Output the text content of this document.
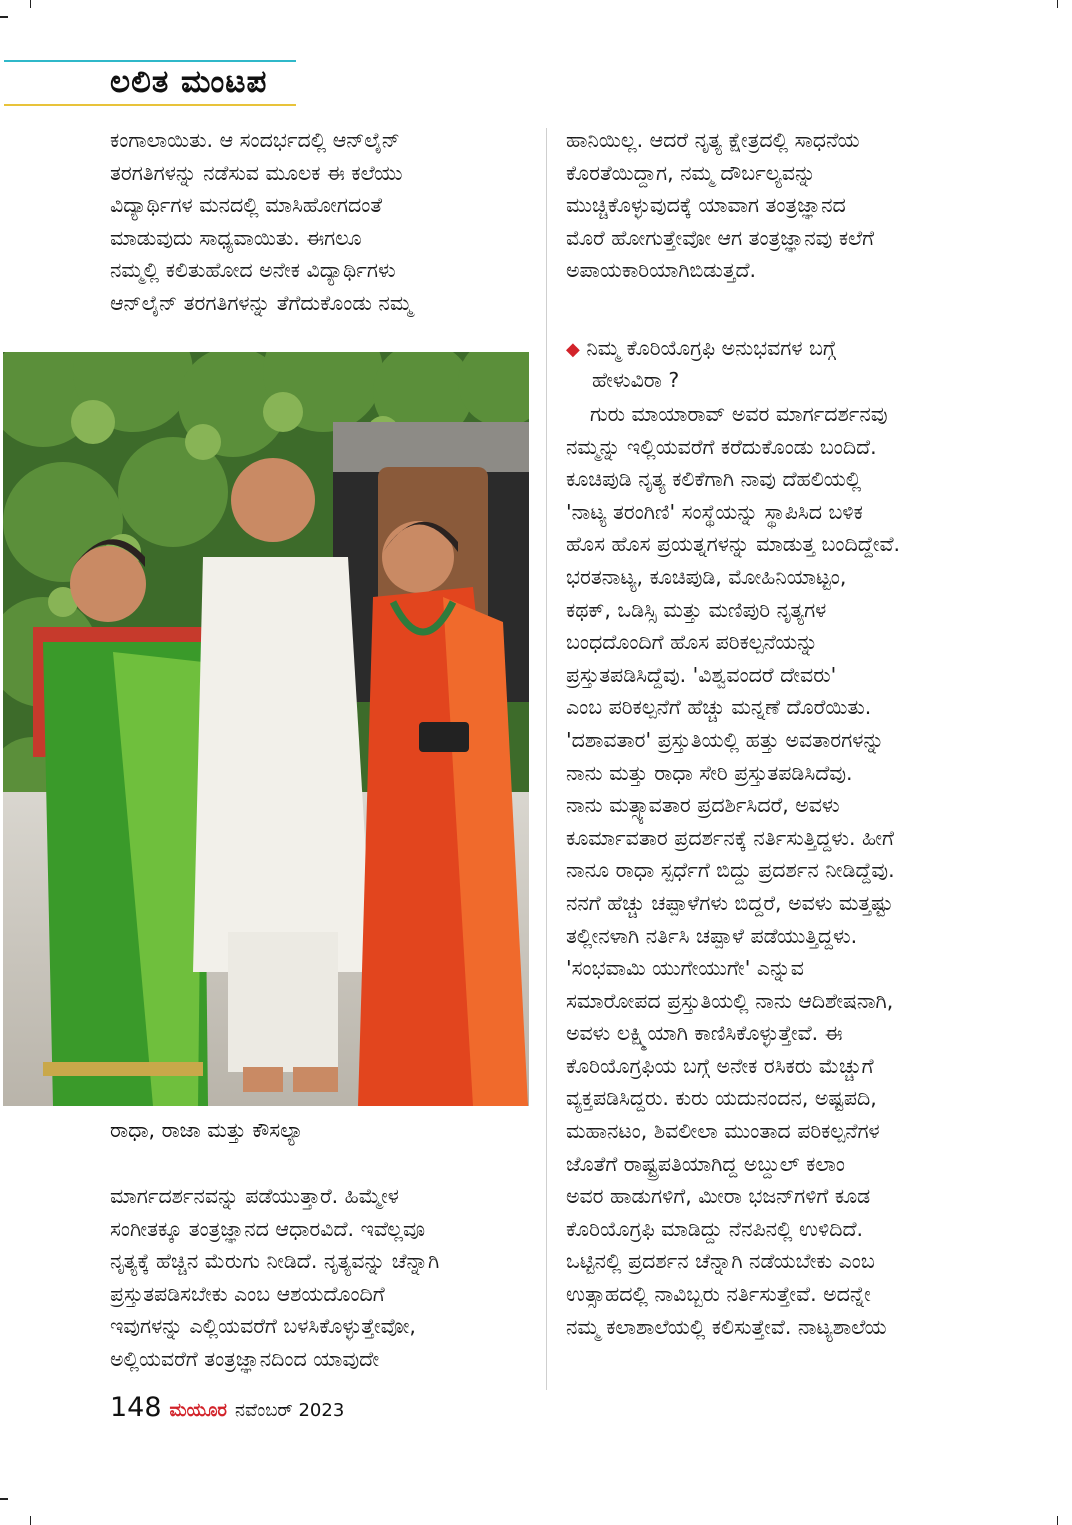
ಲಲಿತ ಮಂಟಪ

ಕಂಗಾಲಾಯಿತು. ಆ ಸಂದರ್ಭದಲ್ಲಿ ಆನ್‌ಲೈನ್

ತರಗತಿಗಳನ್ನು ನಡೆಸುವ ಮೂಲಕ ಈ ಕಲೆಯು

ವಿದ್ಯಾರ್ಥಿಗಳ ಮನದಲ್ಲಿ ಮಾಸಿಹೋಗದಂತೆ

ಮಾಡುವುದು ಸಾಧ್ಯವಾಯಿತು. ಈಗಲೂ

ನಮ್ಮಲ್ಲಿ ಕಲಿತುಹೋದ ಅನೇಕ ವಿದ್ಯಾರ್ಥಿಗಳು

ಆನ್‌ಲೈನ್ ತರಗತಿಗಳನ್ನು ತೆಗೆದುಕೊಂಡು ನಮ್ಮ

ರಾಧಾ, ರಾಜಾ ಮತ್ತು ಕೌಸಲ್ಯಾ

ಮಾರ್ಗದರ್ಶನವನ್ನು ಪಡೆಯುತ್ತಾರೆ. ಹಿಮ್ಮೇಳ

ಸಂಗೀತಕ್ಕೂ ತಂತ್ರಜ್ಞಾನದ ಆಧಾರವಿದೆ. ಇವೆಲ್ಲವೂ

ನೃತ್ಯಕ್ಕೆ ಹೆಚ್ಚಿನ ಮೆರುಗು ನೀಡಿದೆ. ನೃತ್ಯವನ್ನು ಚೆನ್ನಾಗಿ

ಪ್ರಸ್ತುತಪಡಿಸಬೇಕು ಎಂಬ ಆಶಯದೊಂದಿಗೆ

ಇವುಗಳನ್ನು ಎಲ್ಲಿಯವರೆಗೆ ಬಳಸಿಕೊಳ್ಳುತ್ತೇವೋ,

ಅಲ್ಲಿಯವರೆಗೆ ತಂತ್ರಜ್ಞಾನದಿಂದ ಯಾವುದೇ

ಹಾನಿಯಿಲ್ಲ. ಆದರೆ ನೃತ್ಯ ಕ್ಷೇತ್ರದಲ್ಲಿ ಸಾಧನೆಯ

ಕೊರತೆಯಿದ್ದಾಗ, ನಮ್ಮ ದೌರ್ಬಲ್ಯವನ್ನು

ಮುಚ್ಚಿಕೊಳ್ಳುವುದಕ್ಕೆ ಯಾವಾಗ ತಂತ್ರಜ್ಞಾನದ

ಮೊರೆ ಹೋಗುತ್ತೇವೋ ಆಗ ತಂತ್ರಜ್ಞಾನವು ಕಲೆಗೆ

ಅಪಾಯಕಾರಿಯಾಗಿಬಿಡುತ್ತದೆ.

◆ ನಿಮ್ಮ ಕೊರಿಯೊಗ್ರಫಿ ಅನುಭವಗಳ ಬಗ್ಗೆ
ಹೇಳುವಿರಾ ?

ಗುರು ಮಾಯಾರಾವ್ ಅವರ ಮಾರ್ಗದರ್ಶನವು

ನಮ್ಮನ್ನು ಇಲ್ಲಿಯವರೆಗೆ ಕರೆದುಕೊಂಡು ಬಂದಿದೆ.

ಕೂಚಿಪುಡಿ ನೃತ್ಯ ಕಲಿಕೆಗಾಗಿ ನಾವು ದೆಹಲಿಯಲ್ಲಿ

'ನಾಟ್ಯ ತರಂಗಿಣಿ' ಸಂಸ್ಥೆಯನ್ನು ಸ್ಥಾಪಿಸಿದ ಬಳಿಕ

ಹೊಸ ಹೊಸ ಪ್ರಯತ್ನಗಳನ್ನು ಮಾಡುತ್ತ ಬಂದಿದ್ದೇವೆ.

ಭರತನಾಟ್ಯ, ಕೂಚಿಪುಡಿ, ಮೋಹಿನಿಯಾಟ್ಟಂ,

ಕಥಕ್, ಒಡಿಸ್ಸಿ ಮತ್ತು ಮಣಿಪುರಿ ನೃತ್ಯಗಳ

ಬಂಧದೊಂದಿಗೆ ಹೊಸ ಪರಿಕಲ್ಪನೆಯನ್ನು

ಪ್ರಸ್ತುತಪಡಿಸಿದ್ದೆವು. 'ವಿಶ್ವವಂದರೆ ದೇವರು'

ಎಂಬ ಪರಿಕಲ್ಪನೆಗೆ ಹೆಚ್ಚು ಮನ್ನಣೆ ದೊರೆಯಿತು.

'ದಶಾವತಾರ' ಪ್ರಸ್ತುತಿಯಲ್ಲಿ ಹತ್ತು ಅವತಾರಗಳನ್ನು

ನಾನು ಮತ್ತು ರಾಧಾ ಸೇರಿ ಪ್ರಸ್ತುತಪಡಿಸಿದೆವು.

ನಾನು ಮತ್ಸ್ಯಾವತಾರ ಪ್ರದರ್ಶಿಸಿದರೆ, ಅವಳು

ಕೂರ್ಮಾವತಾರ ಪ್ರದರ್ಶನಕ್ಕೆ ನರ್ತಿಸುತ್ತಿದ್ದಳು. ಹೀಗೆ

ನಾನೂ ರಾಧಾ ಸ್ಪರ್ಧೆಗೆ ಬಿದ್ದು ಪ್ರದರ್ಶನ ನೀಡಿದ್ದೆವು.

ನನಗೆ ಹೆಚ್ಚು ಚಪ್ಪಾಳೆಗಳು ಬಿದ್ದರೆ, ಅವಳು ಮತ್ತಷ್ಟು

ತಲ್ಲೀನಳಾಗಿ ನರ್ತಿಸಿ ಚಪ್ಪಾಳೆ ಪಡೆಯುತ್ತಿದ್ದಳು.

'ಸಂಭವಾಮಿ ಯುಗೇಯುಗೇ' ಎನ್ನುವ

ಸಮಾರೋಪದ ಪ್ರಸ್ತುತಿಯಲ್ಲಿ ನಾನು ಆದಿಶೇಷನಾಗಿ,

ಅವಳು ಲಕ್ಷ್ಮಿಯಾಗಿ ಕಾಣಿಸಿಕೊಳ್ಳುತ್ತೇವೆ. ಈ

ಕೊರಿಯೊಗ್ರಫಿಯ ಬಗ್ಗೆ ಅನೇಕ ರಸಿಕರು ಮೆಚ್ಚುಗೆ

ವ್ಯಕ್ತಪಡಿಸಿದ್ದರು. ಕುರು ಯದುನಂದನ, ಅಷ್ಟಪದಿ,

ಮಹಾನಟಂ, ಶಿವಲೀಲಾ ಮುಂತಾದ ಪರಿಕಲ್ಪನೆಗಳ

ಜೊತೆಗೆ ರಾಷ್ಟ್ರಪತಿಯಾಗಿದ್ದ ಅಬ್ದುಲ್ ಕಲಾಂ

ಅವರ ಹಾಡುಗಳಿಗೆ, ಮೀರಾ ಭಜನ್‌ಗಳಿಗೆ ಕೂಡ

ಕೊರಿಯೊಗ್ರಫಿ ಮಾಡಿದ್ದು ನೆನಪಿನಲ್ಲಿ ಉಳಿದಿದೆ.

ಒಟ್ಟಿನಲ್ಲಿ ಪ್ರದರ್ಶನ ಚೆನ್ನಾಗಿ ನಡೆಯಬೇಕು ಎಂಬ

ಉತ್ಸಾಹದಲ್ಲಿ ನಾವಿಬ್ಬರು ನರ್ತಿಸುತ್ತೇವೆ. ಅದನ್ನೇ

ನಮ್ಮ ಕಲಾಶಾಲೆಯಲ್ಲಿ ಕಲಿಸುತ್ತೇವೆ. ನಾಟ್ಯಶಾಲೆಯ

148 ಮಯೂರ ನವೆಂಬರ್ 2023
